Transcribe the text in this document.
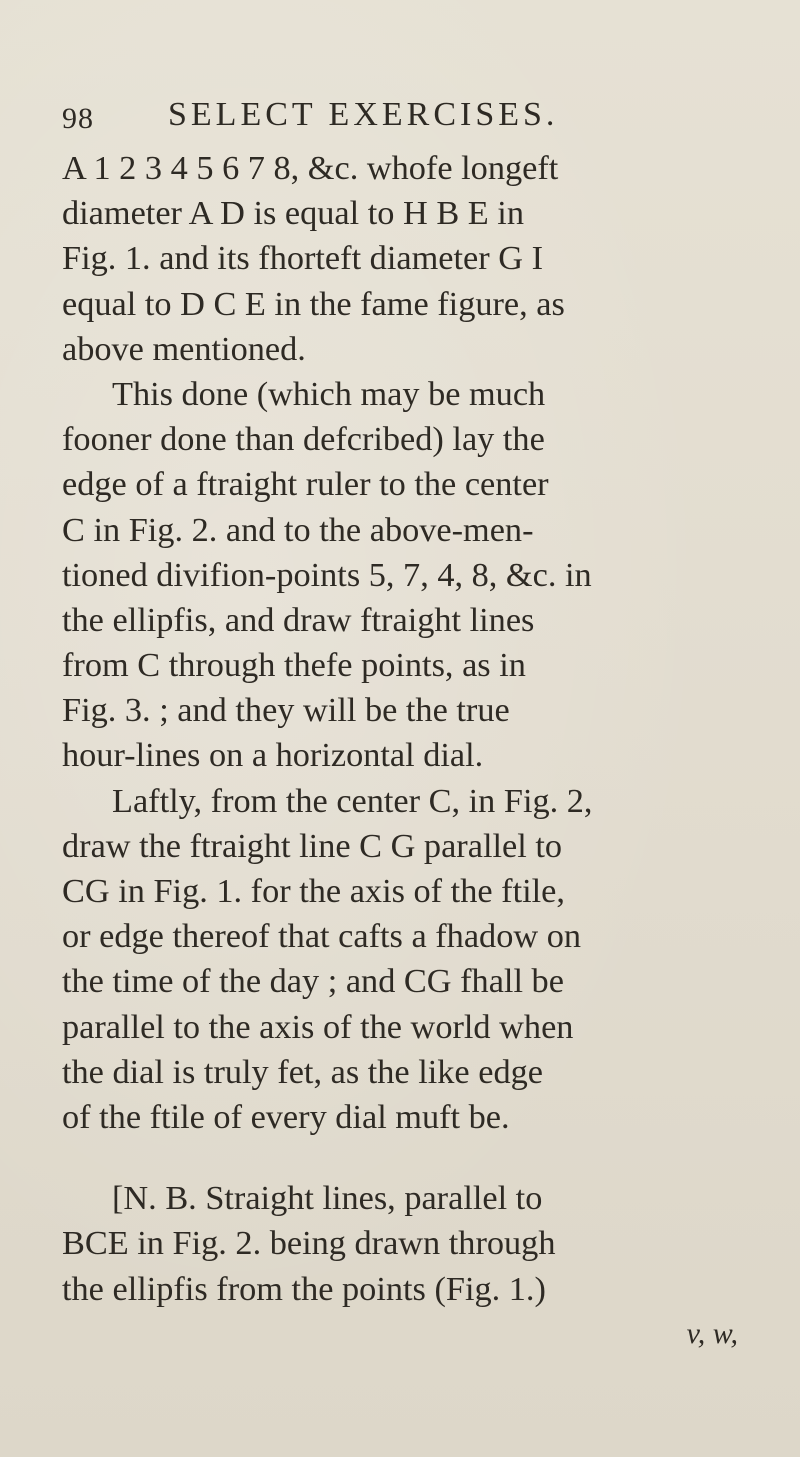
98 SELECT EXERCISES.
A 1 2 3 4 5 6 7 8, &c. whofe longeft
diameter A D is equal to H B E in
Fig. 1. and its fhorteft diameter G I
equal to D C E in the fame figure, as
above mentioned.
This done (which may be much
fooner done than defcribed) lay the
edge of a ftraight ruler to the center
C in Fig. 2. and to the above-men-
tioned divifion-points 5, 7, 4, 8, &c. in
the ellipfis, and draw ftraight lines
from C through thefe points, as in
Fig. 3. ; and they will be the true
hour-lines on a horizontal dial.
Laftly, from the center C, in Fig. 2,
draw the ftraight line C G parallel to
CG in Fig. 1. for the axis of the ftile,
or edge thereof that cafts a fhadow on
the time of the day ; and CG fhall be
parallel to the axis of the world when
the dial is truly fet, as the like edge
of the ftile of every dial muft be.
[N. B. Straight lines, parallel to
BCE in Fig. 2. being drawn through
the ellipfis from the points (Fig. 1.)
v, w,
